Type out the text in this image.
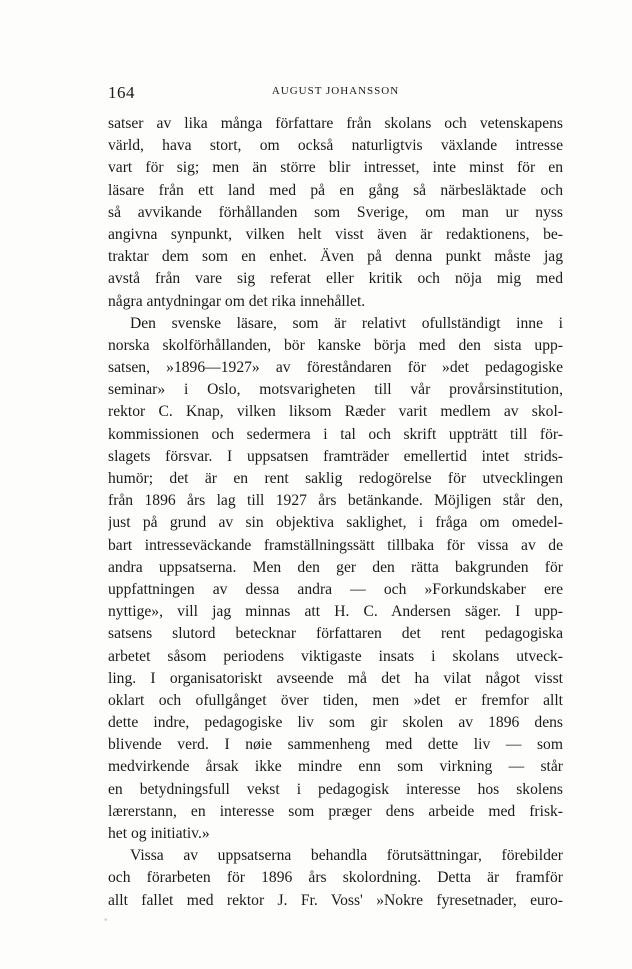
164	AUGUST JOHANSSON
satser av lika många författare från skolans och vetenskapens
värld, hava stort, om också naturligtvis växlande intresse
vart för sig; men än större blir intresset, inte minst för en
läsare från ett land med på en gång så närbesläktade och
så avvikande förhållanden som Sverige, om man ur nyss
angivna synpunkt, vilken helt visst även är redaktionens, be-
traktar dem som en enhet. Även på denna punkt måste jag
avstå från vare sig referat eller kritik och nöja mig med
några antydningar om det rika innehållet.
Den svenske läsare, som är relativt ofullständigt inne i
norska skolförhållanden, bör kanske börja med den sista upp-
satsen, »1896—1927» av föreståndaren för »det pedagogiske
seminar» i Oslo, motsvarigheten till vår provårsinstitution,
rektor C. Knap, vilken liksom Ræder varit medlem av skol-
kommissionen och sedermera i tal och skrift uppträtt till för-
slagets försvar. I uppsatsen framträder emellertid intet strids-
humör; det är en rent saklig redogörelse för utvecklingen
från 1896 års lag till 1927 års betänkande. Möjligen står den,
just på grund av sin objektiva saklighet, i fråga om omedel-
bart intresseväckande framställningssätt tillbaka för vissa av de
andra uppsatserna. Men den ger den rätta bakgrunden för
uppfattningen av dessa andra — och »Forkundskaber ere
nyttige», vill jag minnas att H. C. Andersen säger. I upp-
satsens slutord betecknar författaren det rent pedagogiska
arbetet såsom periodens viktigaste insats i skolans utveck-
ling. I organisatoriskt avseende må det ha vilat något visst
oklart och ofullgånget över tiden, men »det er fremfor allt
dette indre, pedagogiske liv som gir skolen av 1896 dens
blivende verd. I nøie sammenheng med dette liv — som
medvirkende årsak ikke mindre enn som virkning — står
en betydningsfull vekst i pedagogisk interesse hos skolens
lærerstann, en interesse som præger dens arbeide med frisk-
het og initiativ.»
Vissa av uppsatserna behandla förutsättningar, förebilder
och förarbeten för 1896 års skolordning. Detta är framför
allt fallet med rektor J. Fr. Voss' »Nokre fyresetnader, euro-
˚
